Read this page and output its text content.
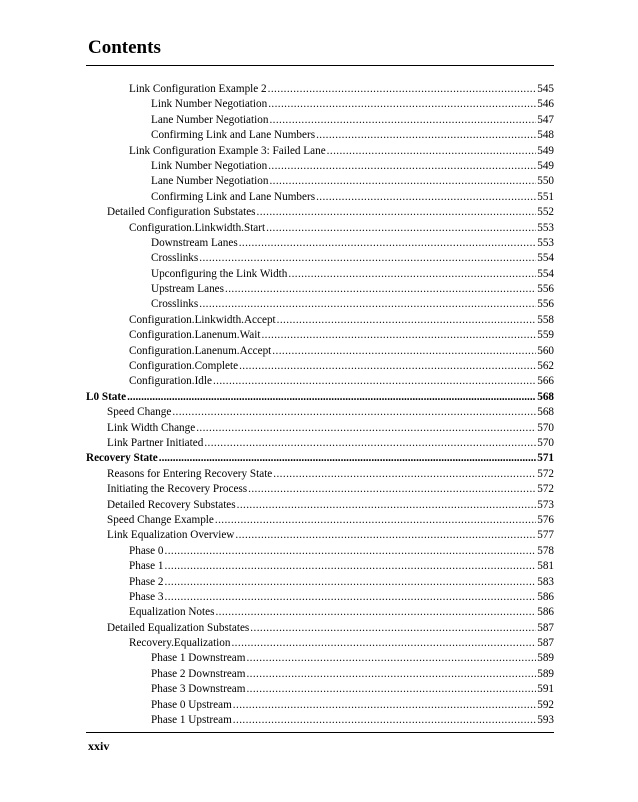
Contents
Link Configuration Example 2 .....	545
Link Number Negotiation .....	546
Lane Number Negotiation .....	547
Confirming Link and Lane Numbers .....	548
Link Configuration Example 3: Failed Lane .....	549
Link Number Negotiation .....	549
Lane Number Negotiation .....	550
Confirming Link and Lane Numbers .....	551
Detailed Configuration Substates .....	552
Configuration.Linkwidth.Start .....	553
Downstream Lanes .....	553
Crosslinks .....	554
Upconfiguring the Link Width .....	554
Upstream Lanes .....	556
Crosslinks .....	556
Configuration.Linkwidth.Accept .....	558
Configuration.Lanenum.Wait .....	559
Configuration.Lanenum.Accept .....	560
Configuration.Complete .....	562
Configuration.Idle .....	566
L0 State .....	568
Speed Change .....	568
Link Width Change .....	570
Link Partner Initiated .....	570
Recovery State .....	571
Reasons for Entering Recovery State .....	572
Initiating the Recovery Process .....	572
Detailed Recovery Substates .....	573
Speed Change Example .....	576
Link Equalization Overview .....	577
Phase 0 .....	578
Phase 1 .....	581
Phase 2 .....	583
Phase 3 .....	586
Equalization Notes .....	586
Detailed Equalization Substates .....	587
Recovery.Equalization .....	587
Phase 1 Downstream .....	589
Phase 2 Downstream .....	589
Phase 3 Downstream .....	591
Phase 0 Upstream .....	592
Phase 1 Upstream .....	593
xxiv
